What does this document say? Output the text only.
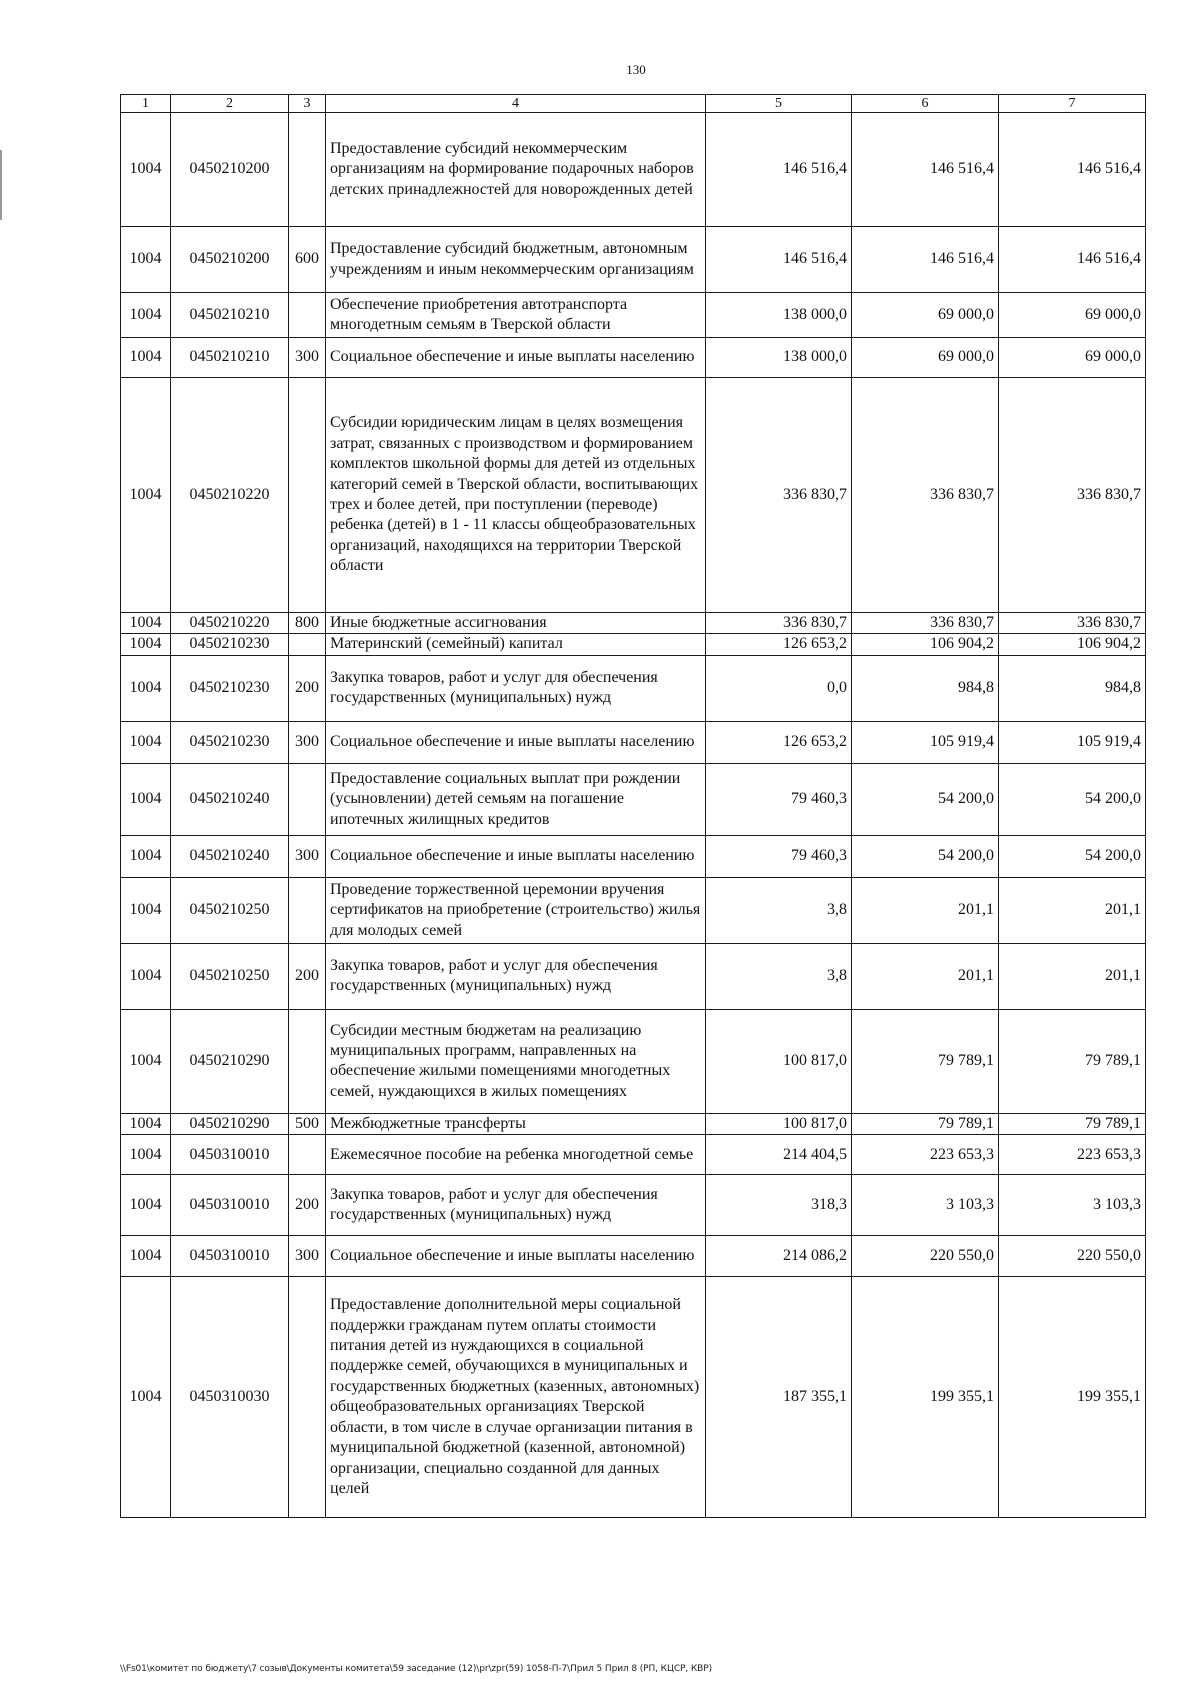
130
1	2	3	4	5	6	7
1004	0450210200		Предоставление субсидий некоммерческим организациям на формирование подарочных наборов детских принадлежностей для новорожденных детей	146 516,4	146 516,4	146 516,4
1004	0450210200	600	Предоставление субсидий бюджетным, автономным учреждениям и иным некоммерческим организациям	146 516,4	146 516,4	146 516,4
1004	0450210210		Обеспечение приобретения автотранспорта многодетным семьям в Тверской области	138 000,0	69 000,0	69 000,0
1004	0450210210	300	Социальное обеспечение и иные выплаты населению	138 000,0	69 000,0	69 000,0
1004	0450210220		Субсидии юридическим лицам в целях возмещения затрат, связанных с производством и формированием комплектов школьной формы для детей из отдельных категорий семей в Тверской области, воспитывающих трех и более детей, при поступлении (переводе) ребенка (детей) в 1 - 11 классы общеобразовательных организаций, находящихся на территории Тверской области	336 830,7	336 830,7	336 830,7
1004	0450210220	800	Иные бюджетные ассигнования	336 830,7	336 830,7	336 830,7
1004	0450210230		Материнский (семейный) капитал	126 653,2	106 904,2	106 904,2
1004	0450210230	200	Закупка товаров, работ и услуг для обеспечения государственных (муниципальных) нужд	0,0	984,8	984,8
1004	0450210230	300	Социальное обеспечение и иные выплаты населению	126 653,2	105 919,4	105 919,4
1004	0450210240		Предоставление социальных выплат при рождении (усыновлении) детей семьям на погашение ипотечных жилищных кредитов	79 460,3	54 200,0	54 200,0
1004	0450210240	300	Социальное обеспечение и иные выплаты населению	79 460,3	54 200,0	54 200,0
1004	0450210250		Проведение торжественной церемонии вручения сертификатов на приобретение (строительство) жилья для молодых семей	3,8	201,1	201,1
1004	0450210250	200	Закупка товаров, работ и услуг для обеспечения государственных (муниципальных) нужд	3,8	201,1	201,1
1004	0450210290		Субсидии местным бюджетам на реализацию муниципальных программ, направленных на обеспечение жилыми помещениями многодетных семей, нуждающихся в жилых помещениях	100 817,0	79 789,1	79 789,1
1004	0450210290	500	Межбюджетные трансферты	100 817,0	79 789,1	79 789,1
1004	0450310010		Ежемесячное пособие на ребенка многодетной семье	214 404,5	223 653,3	223 653,3
1004	0450310010	200	Закупка товаров, работ и услуг для обеспечения государственных (муниципальных) нужд	318,3	3 103,3	3 103,3
1004	0450310010	300	Социальное обеспечение и иные выплаты населению	214 086,2	220 550,0	220 550,0
1004	0450310030		Предоставление дополнительной меры социальной поддержки гражданам путем оплаты стоимости питания детей из нуждающихся в социальной поддержке семей, обучающихся в муниципальных и государственных бюджетных (казенных, автономных) общеобразовательных организациях Тверской области, в том числе в случае организации питания в муниципальной бюджетной (казенной, автономной) организации, специально созданной для данных целей	187 355,1	199 355,1	199 355,1
\\Fs01\комитет по бюджету\7 созыв\Документы комитета\59 заседание (12)\pr\zpr(59) 1058-П-7\Прил 5 Прил 8 (РП, КЦСР, КВР)
